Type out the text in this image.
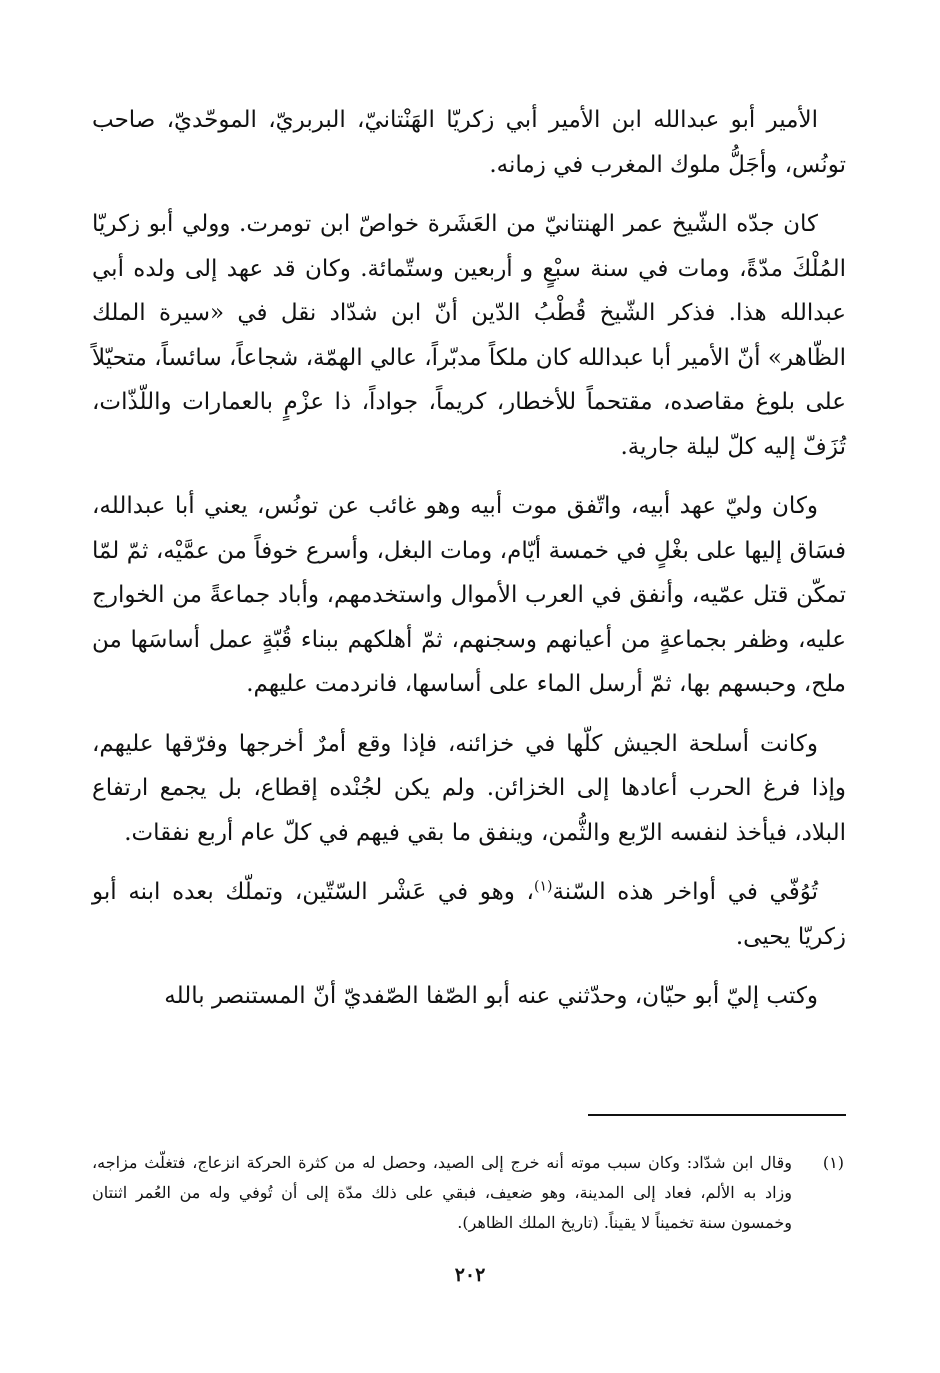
الأمير أبو عبدالله ابن الأمير أبي زكريّا الهَنْتانيّ، البربريّ، الموحّديّ، صاحب تونُس، وأجَلُّ ملوك المغرب في زمانه.

كان جدّه الشّيخ عمر الهنتانيّ من العَشَرة خواصّ ابن تومرت. وولي أبو زكريّا المُلْكَ مدّةً، ومات في سنة سبْعٍ و أربعين وستّمائة. وكان قد عهد إلى ولده أبي عبدالله هذا. فذكر الشّيخ قُطْبُ الدّين أنّ ابن شدّاد نقل في «سيرة الملك الظّاهر» أنّ الأمير أبا عبدالله كان ملكاً مدبّراً، عالي الهمّة، شجاعاً، سائساً، متحيّلاً على بلوغ مقاصده، مقتحماً للأخطار، كريماً، جواداً، ذا عزْمٍ بالعمارات واللّذّات، تُزَفّ إليه كلّ ليلة جارية.

وكان وليّ عهد أبيه، واتّفق موت أبيه وهو غائب عن تونُس، يعني أبا عبدالله، فسَاق إليها على بغْلٍ في خمسة أيّام، ومات البغل، وأسرع خوفاً من عمَّيْه، ثمّ لمّا تمكّن قتل عمّيه، وأنفق في العرب الأموال واستخدمهم، وأباد جماعةً من الخوارج عليه، وظفر بجماعةٍ من أعيانهم وسجنهم، ثمّ أهلكهم ببناء قُبّةٍ عمل أساسَها من ملح، وحبسهم بها، ثمّ أرسل الماء على أساسها، فانردمت عليهم.

وكانت أسلحة الجيش كلّها في خزائنه، فإذا وقع أمرٌ أخرجها وفرّقها عليهم، وإذا فرغ الحرب أعادها إلى الخزائن. ولم يكن لجُنْده إقطاع، بل يجمع ارتفاع البلاد، فيأخذ لنفسه الرّبع والثُّمن، وينفق ما بقي فيهم في كلّ عام أربع نفقات.

تُوُفّي في أواخر هذه السّنة$^{(١)}$، وهو في عَشْر السّتّين، وتملّك بعده ابنه أبو زكريّا يحيى.

وكتب إليّ أبو حيّان، وحدّثني عنه أبو الصّفا الصّفديّ أنّ المستنصر بالله

(١)
وقال ابن شدّاد: وكان سبب موته أنه خرج إلى الصيد، وحصل له من كثرة الحركة انزعاج، فتغلّث مزاجه، وزاد به الألم، فعاد إلى المدينة، وهو ضعيف، فبقي على ذلك مدّة إلى أن تُوفي وله من العُمر اثنتان وخمسون سنة تخميناً لا يقيناً. (تاريخ الملك الظاهر).
٢٠٢
